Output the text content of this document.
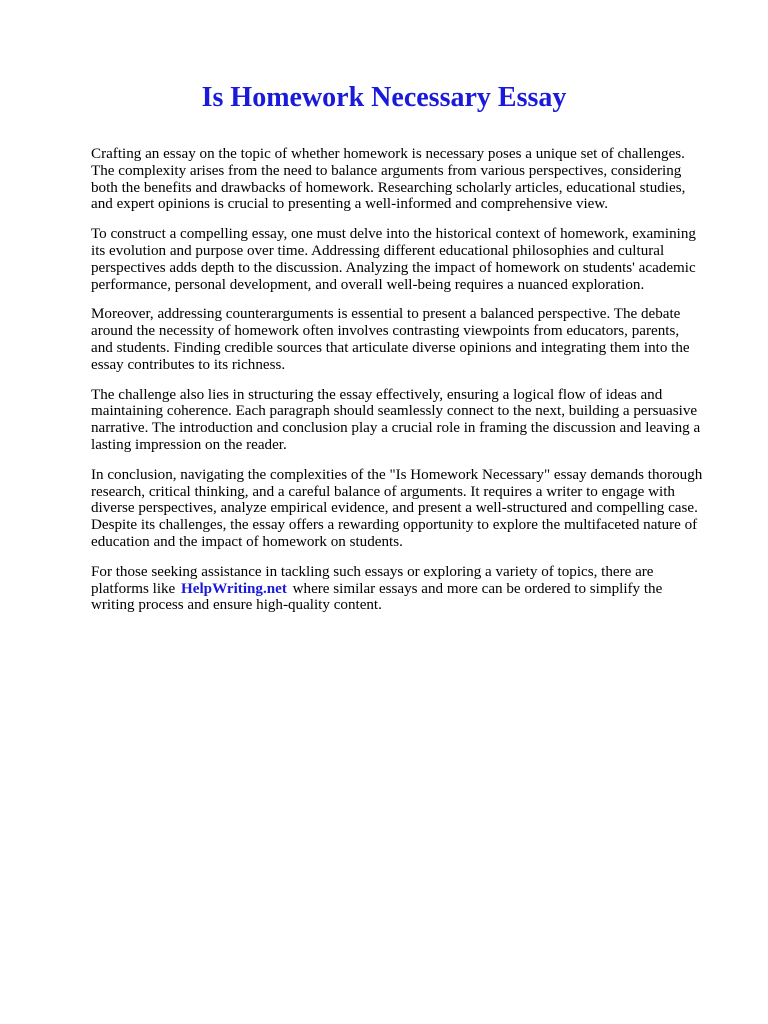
Is Homework Necessary Essay

Crafting an essay on the topic of whether homework is necessary poses a unique set of challenges.
The complexity arises from the need to balance arguments from various perspectives, considering
both the benefits and drawbacks of homework. Researching scholarly articles, educational studies,
and expert opinions is crucial to presenting a well-informed and comprehensive view.

To construct a compelling essay, one must delve into the historical context of homework, examining
its evolution and purpose over time. Addressing different educational philosophies and cultural
perspectives adds depth to the discussion. Analyzing the impact of homework on students' academic
performance, personal development, and overall well-being requires a nuanced exploration.

Moreover, addressing counterarguments is essential to present a balanced perspective. The debate
around the necessity of homework often involves contrasting viewpoints from educators, parents,
and students. Finding credible sources that articulate diverse opinions and integrating them into the
essay contributes to its richness.

The challenge also lies in structuring the essay effectively, ensuring a logical flow of ideas and
maintaining coherence. Each paragraph should seamlessly connect to the next, building a persuasive
narrative. The introduction and conclusion play a crucial role in framing the discussion and leaving a
lasting impression on the reader.

In conclusion, navigating the complexities of the "Is Homework Necessary" essay demands thorough
research, critical thinking, and a careful balance of arguments. It requires a writer to engage with
diverse perspectives, analyze empirical evidence, and present a well-structured and compelling case.
Despite its challenges, the essay offers a rewarding opportunity to explore the multifaceted nature of
education and the impact of homework on students.

For those seeking assistance in tackling such essays or exploring a variety of topics, there are
platforms like HelpWriting.net where similar essays and more can be ordered to simplify the
writing process and ensure high-quality content.
